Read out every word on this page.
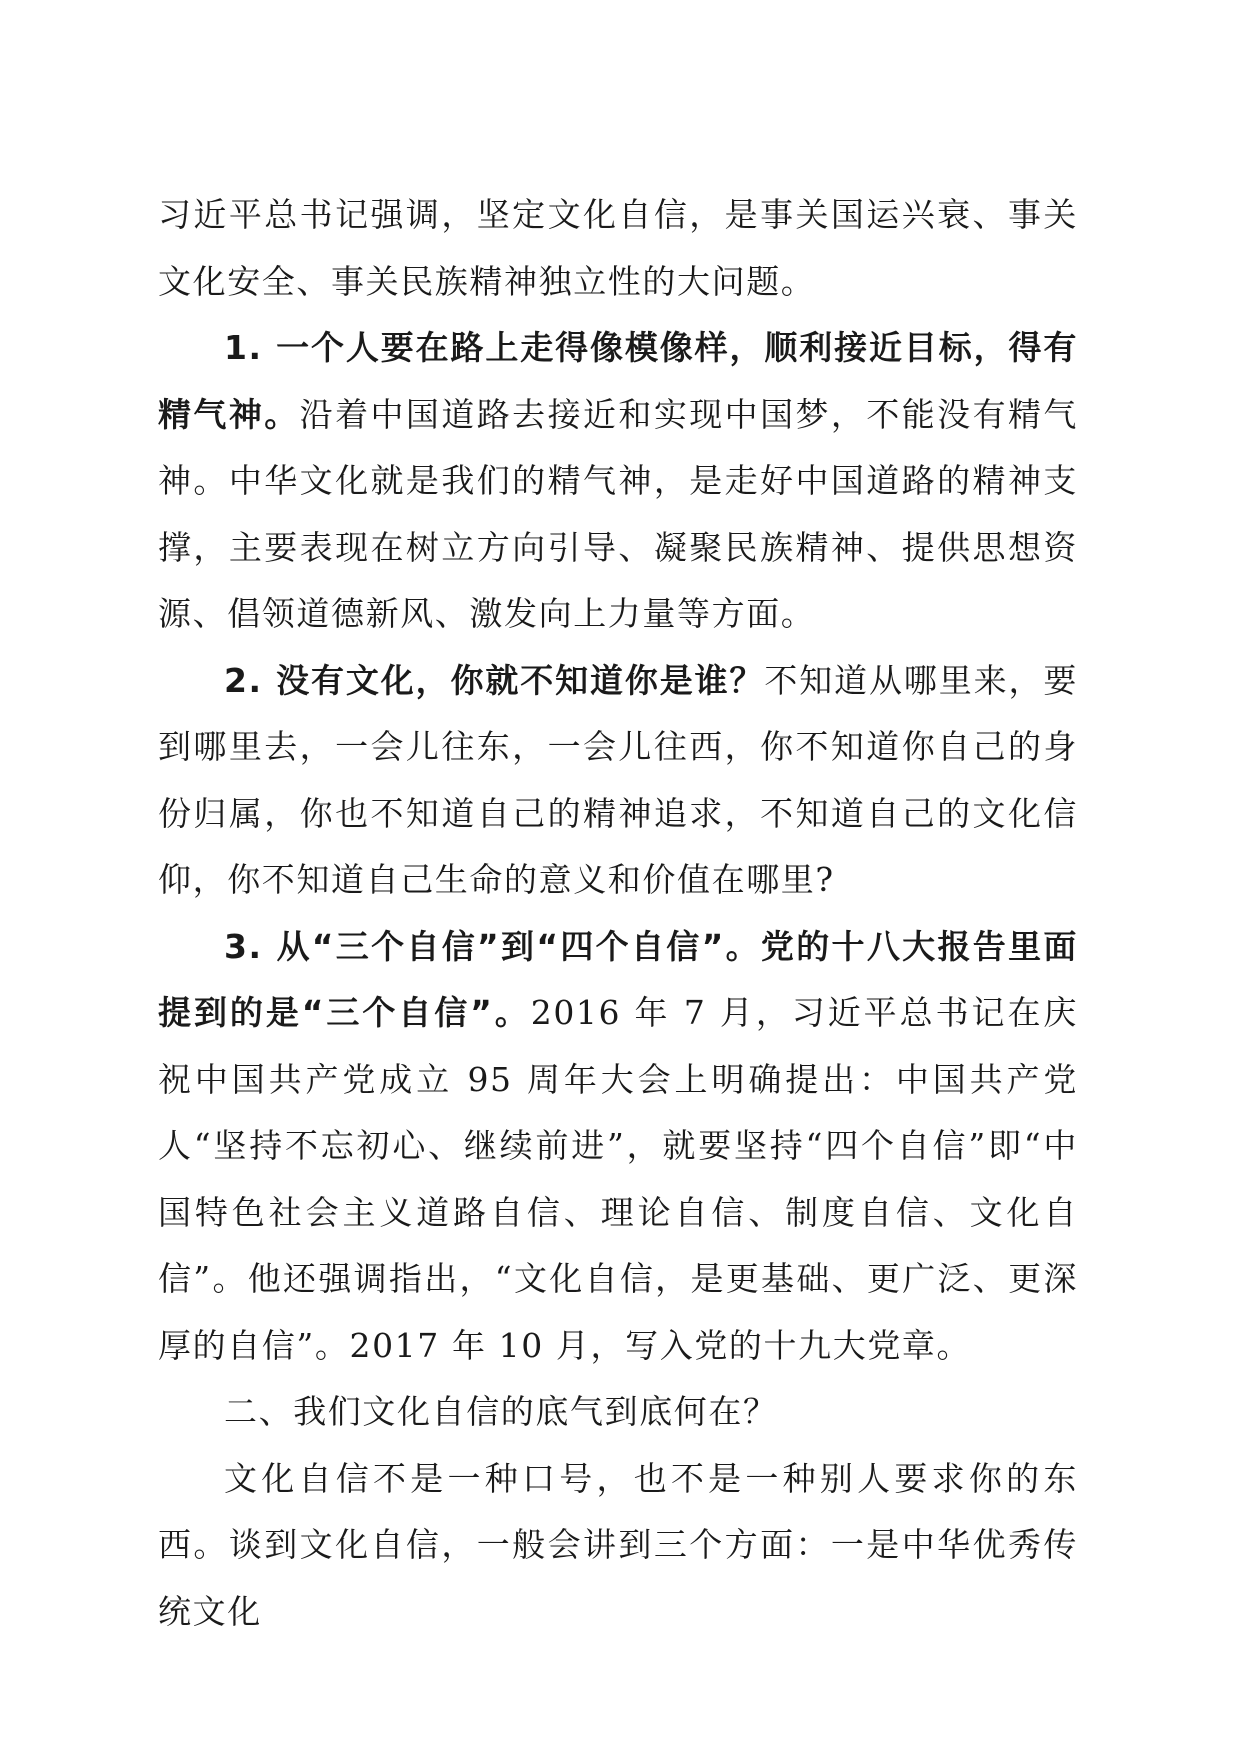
习近平总书记强调，坚定文化自信，是事关国运兴衰、事关文化安全、事关民族精神独立性的大问题。

1. 一个人要在路上走得像模像样，顺利接近目标，得有精气神。沿着中国道路去接近和实现中国梦，不能没有精气神。中华文化就是我们的精气神，是走好中国道路的精神支撑，主要表现在树立方向引导、凝聚民族精神、提供思想资源、倡领道德新风、激发向上力量等方面。

2. 没有文化，你就不知道你是谁？不知道从哪里来，要到哪里去，一会儿往东，一会儿往西，你不知道你自己的身份归属，你也不知道自己的精神追求，不知道自己的文化信仰，你不知道自己生命的意义和价值在哪里?

3. 从“三个自信”到“四个自信”。党的十八大报告里面提到的是“三个自信”。2016 年 7 月，习近平总书记在庆祝中国共产党成立 95 周年大会上明确提出：中国共产党人“坚持不忘初心、继续前进”，就要坚持“四个自信”即“中国特色社会主义道路自信、理论自信、制度自信、文化自信”。他还强调指出，“文化自信，是更基础、更广泛、更深厚的自信”。2017 年 10 月，写入党的十九大党章。

二、我们文化自信的底气到底何在？

文化自信不是一种口号，也不是一种别人要求你的东西。谈到文化自信，一般会讲到三个方面：一是中华优秀传统文化
